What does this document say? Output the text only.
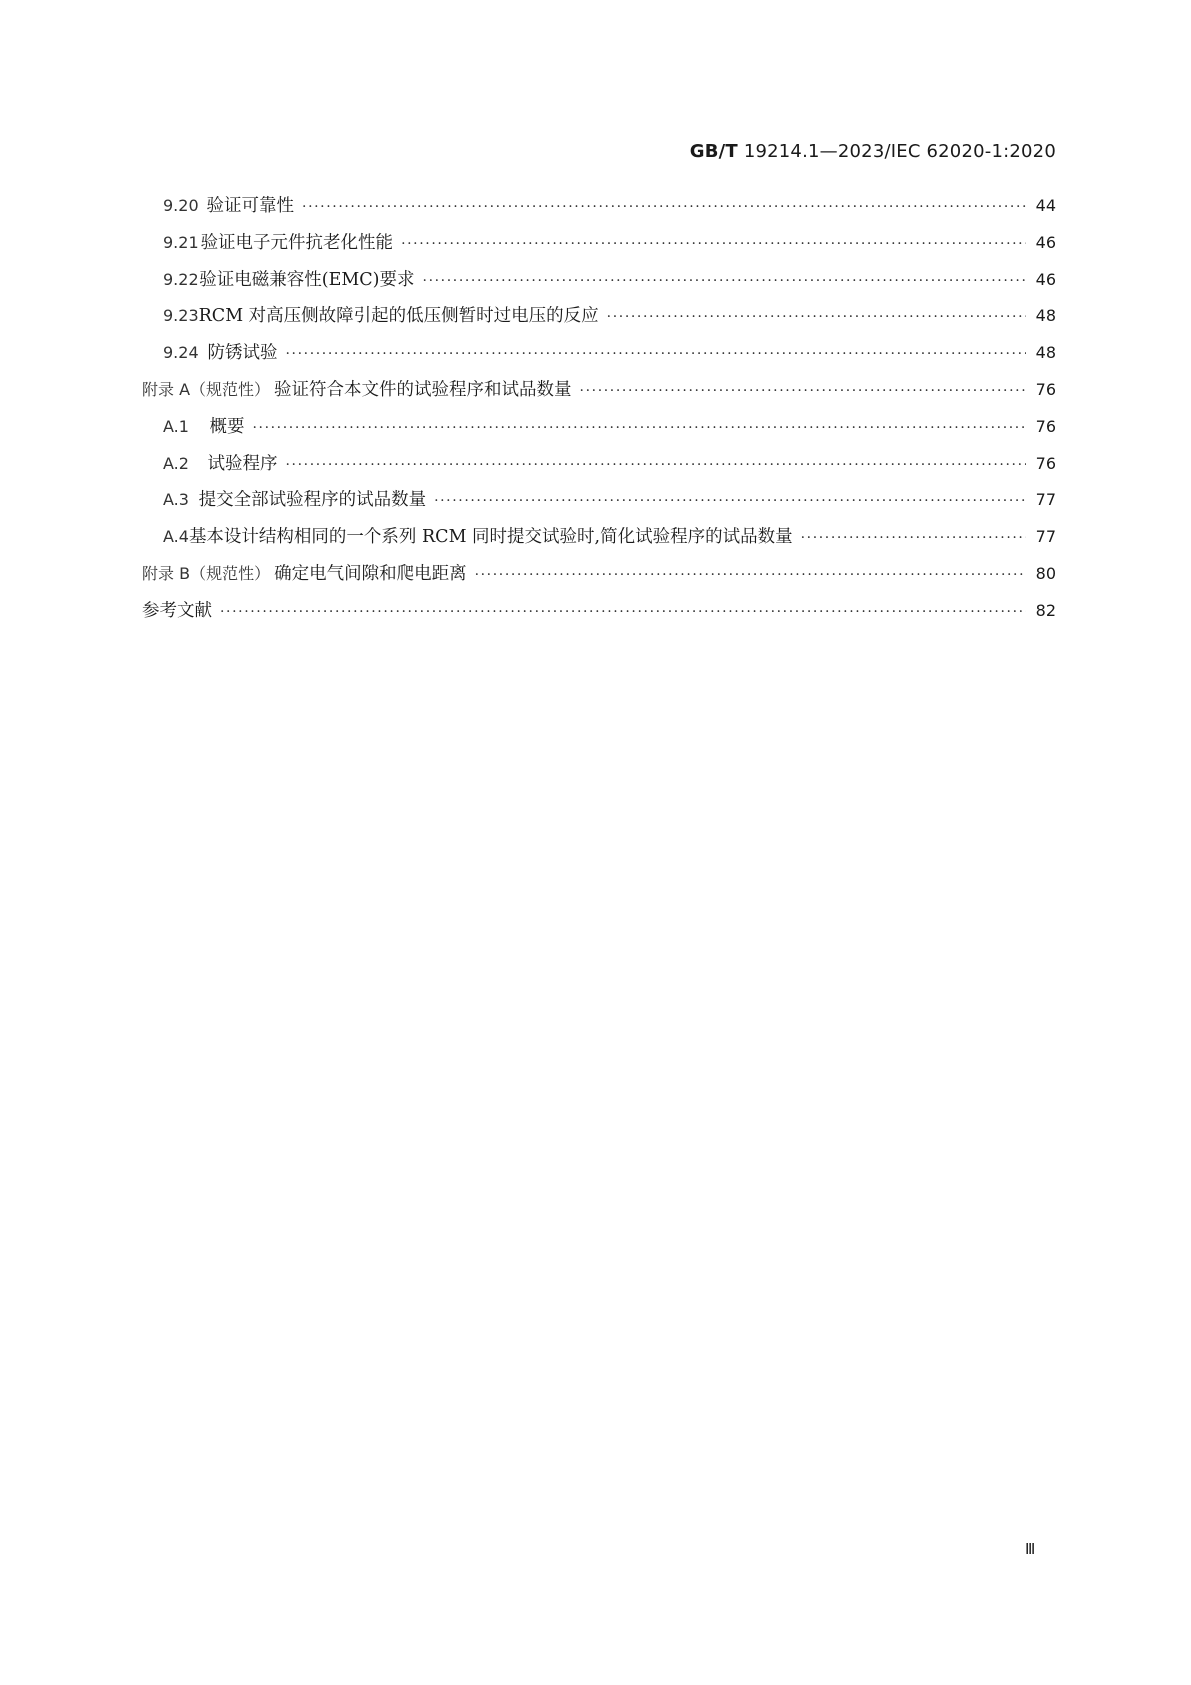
GB/T 19214.1—2023/IEC 62020-1:2020
9.20 验证可靠性 ·····	44
9.21 验证电子元件抗老化性能 ·····	46
9.22 验证电磁兼容性(EMC)要求 ·····	46
9.23 RCM 对高压侧故障引起的低压侧暂时过电压的反应 ·····	48
9.24 防锈试验 ·····	48
附录 A（规范性） 验证符合本文件的试验程序和试品数量 ·····	76
A.1	概要 ·····	76
A.2	试验程序 ·····	76
A.3 提交全部试验程序的试品数量 ·····	77
A.4 基本设计结构相同的一个系列 RCM 同时提交试验时,简化试验程序的试品数量 ·····	77
附录 B（规范性） 确定电气间隙和爬电距离 ·····	80
参考文献 ·····	82
Ⅲ
